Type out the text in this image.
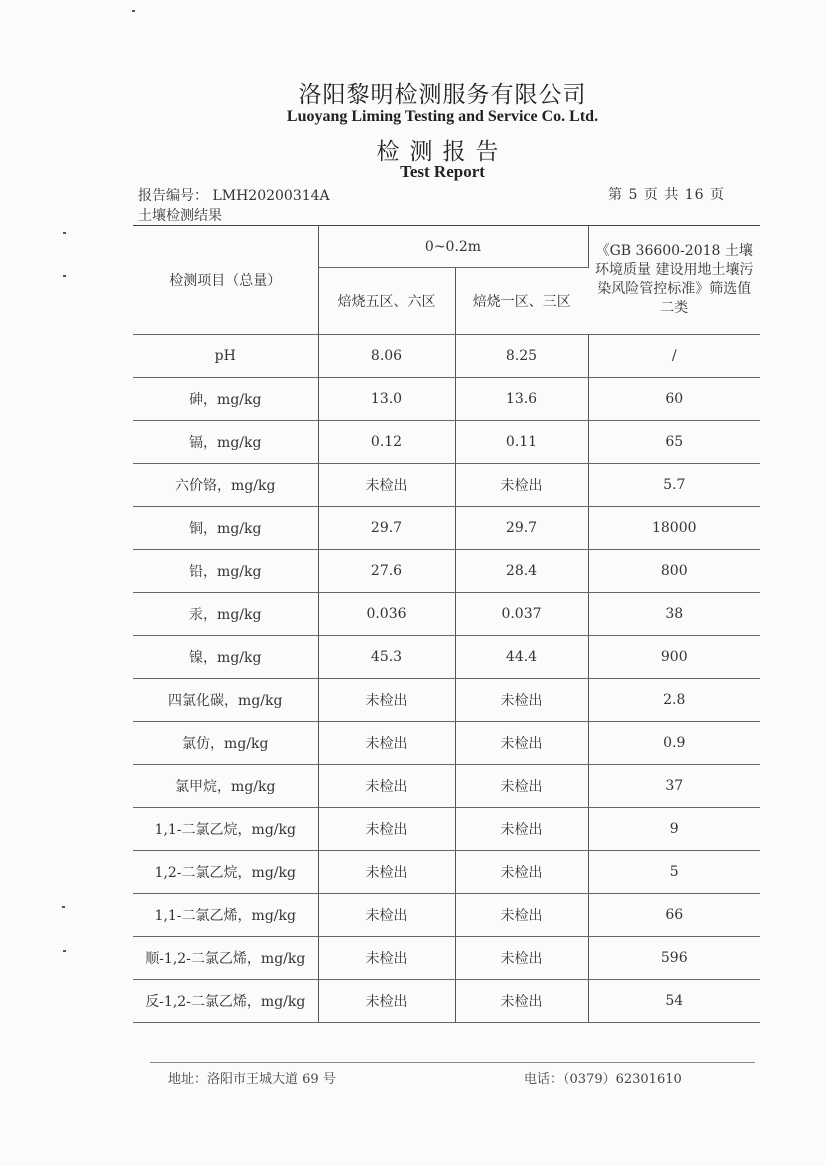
洛阳黎明检测服务有限公司
Luoyang Liming Testing and Service Co. Ltd.
检测报告
Test Report
报告编号： LMH20200314A	第 5 页 共 16 页
土壤检测结果
检测项目（总量）	0~0.2m		《GB 36600-2018 土壤环境质量 建设用地土壤污染风险管控标准》筛选值二类

	焙烧五区、六区	焙烧一区、三区	
pH	8.06	8.25	/
砷，mg/kg	13.0	13.6	60
镉，mg/kg	0.12	0.11	65
六价铬，mg/kg	未检出	未检出	5.7
铜，mg/kg	29.7	29.7	18000
铅，mg/kg	27.6	28.4	800
汞，mg/kg	0.036	0.037	38
镍，mg/kg	45.3	44.4	900
四氯化碳，mg/kg	未检出	未检出	2.8
氯仿，mg/kg	未检出	未检出	0.9
氯甲烷，mg/kg	未检出	未检出	37
1,1-二氯乙烷，mg/kg	未检出	未检出	9
1,2-二氯乙烷，mg/kg	未检出	未检出	5
1,1-二氯乙烯，mg/kg	未检出	未检出	66
顺-1,2-二氯乙烯，mg/kg	未检出	未检出	596
反-1,2-二氯乙烯，mg/kg	未检出	未检出	54
地址：洛阳市王城大道 69 号	电话：（0379）62301610
